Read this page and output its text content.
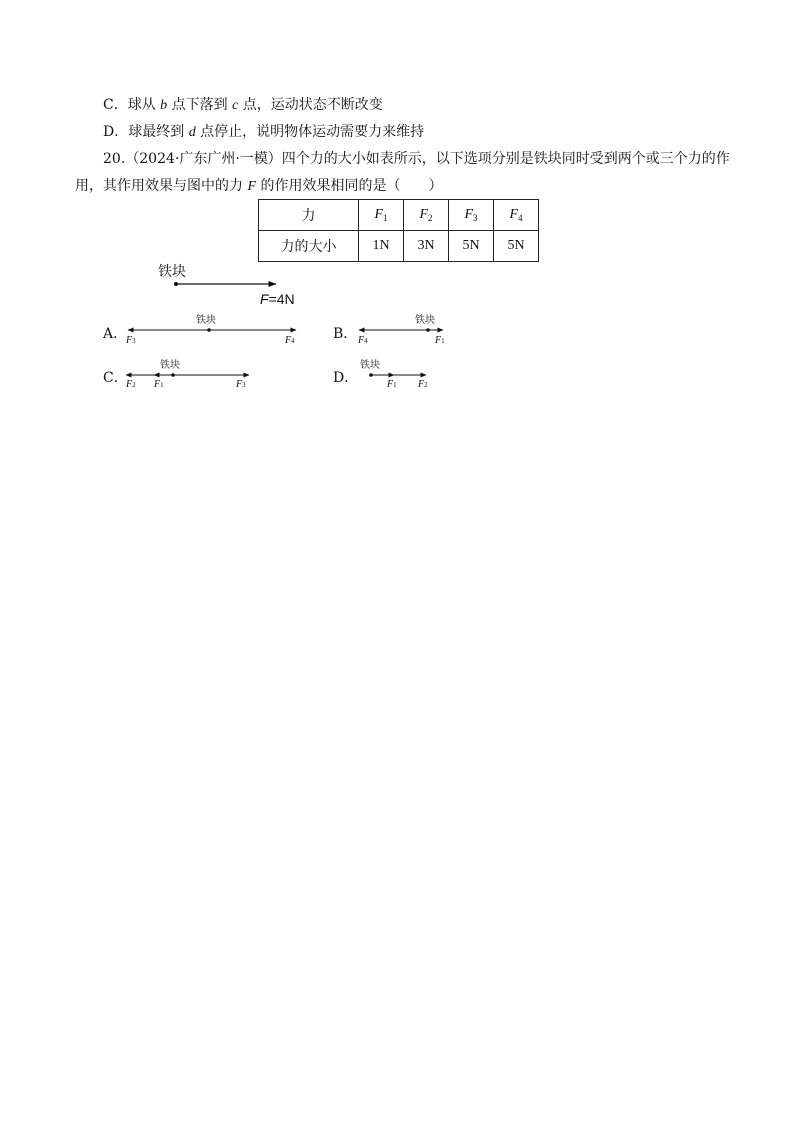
C．球从 b 点下落到 c 点，运动状态不断改变
D．球最终到 d 点停止，说明物体运动需要力来维持
20.（2024·广东广州·一模）四个力的大小如表所示，以下选项分别是铁块同时受到两个或三个力的作
用，其作用效果与图中的力 F 的作用效果相同的是（　　）
力	$F_1$	$F_2$	$F_3$	$F_4$
力的大小	1N	3N	5N	5N
铁块
F=4N
A．	B．
C．	D．
铁块
F3	F4
铁块
F4	F1
铁块
F2 F1	F3
铁块
F1 F2
